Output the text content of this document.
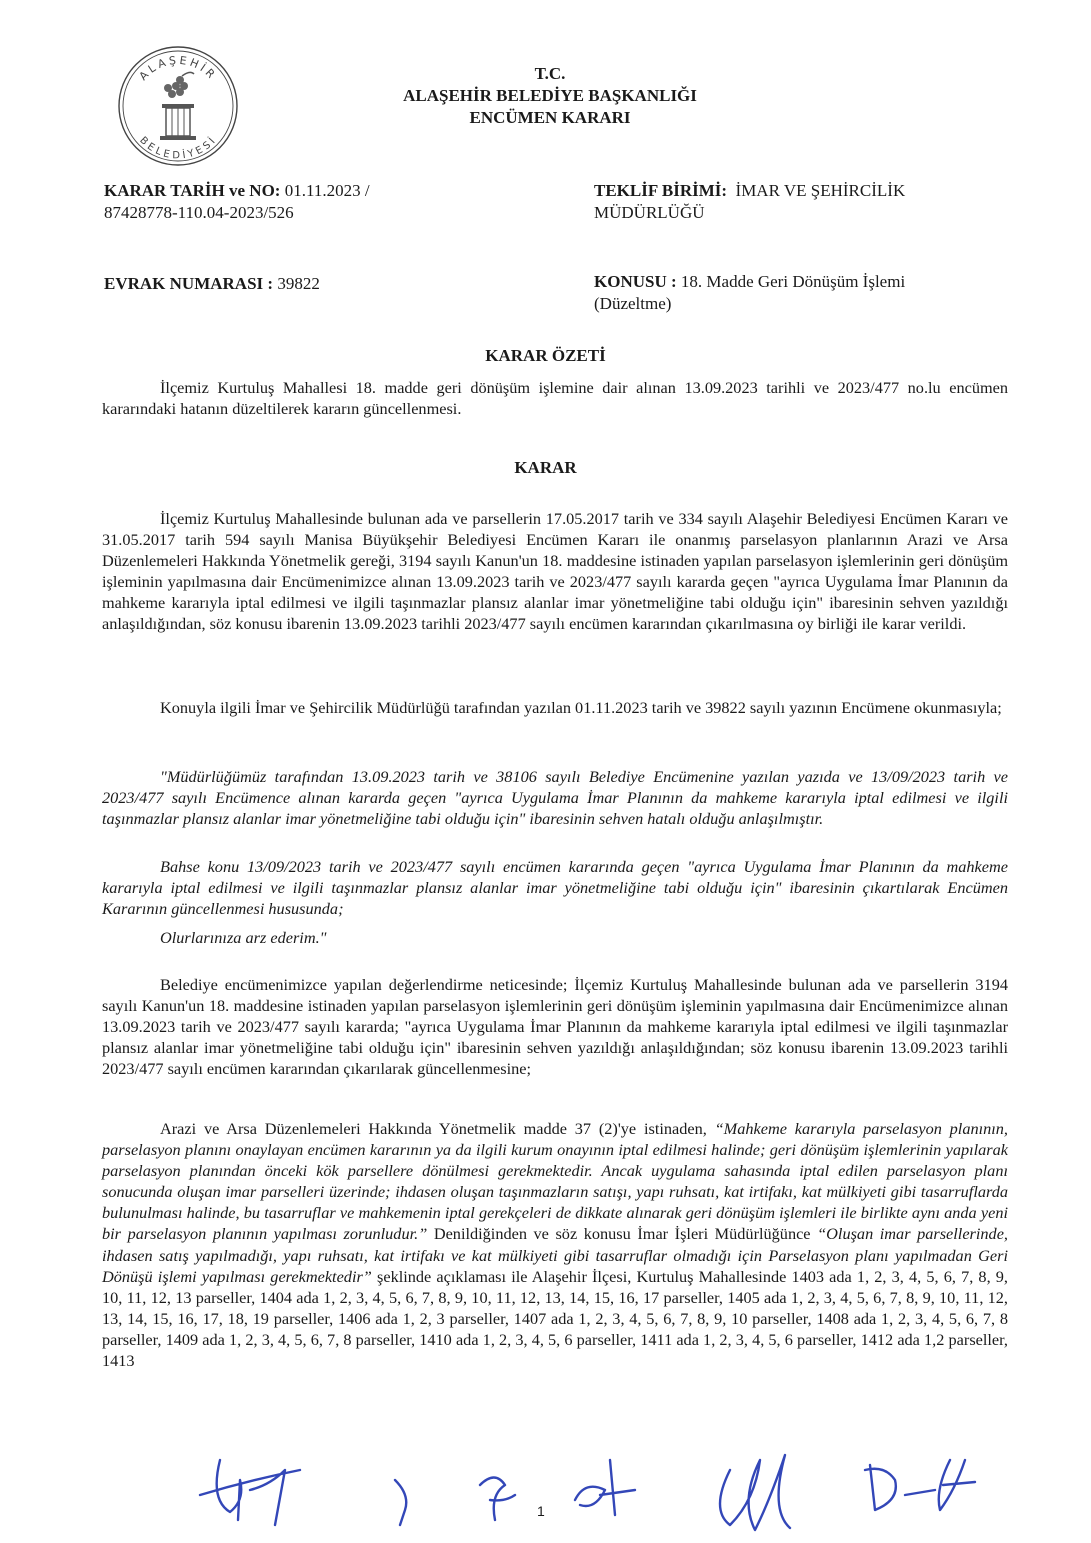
ALAŞEHİR
BELEDİYESİ
T.C.
ALAŞEHİR BELEDİYE BAŞKANLIĞI
ENCÜMEN KARARI
KARAR TARİH ve NO: 01.11.2023 /
87428778-110.04-2023/526
TEKLİF BİRİMİ: İMAR VE ŞEHİRCİLİK
MÜDÜRLÜĞÜ
EVRAK NUMARASI : 39822	KONUSU : 18. Madde Geri Dönüşüm İşlemi
(Düzeltme)
KARAR ÖZETİ

İlçemiz Kurtuluş Mahallesi 18. madde geri dönüşüm işlemine dair alınan 13.09.2023 tarihli ve 2023/477 no.lu encümen kararındaki hatanın düzeltilerek kararın güncellenmesi.

KARAR

İlçemiz Kurtuluş Mahallesinde bulunan ada ve parsellerin 17.05.2017 tarih ve 334 sayılı Alaşehir Belediyesi Encümen Kararı ve 31.05.2017 tarih 594 sayılı Manisa Büyükşehir Belediyesi Encümen Kararı ile onanmış parselasyon planlarının Arazi ve Arsa Düzenlemeleri Hakkında Yönetmelik gereği, 3194 sayılı Kanun'un 18. maddesine istinaden yapılan parselasyon işlemlerinin geri dönüşüm işleminin yapılmasına dair Encümenimizce alınan 13.09.2023 tarih ve 2023/477 sayılı kararda geçen "ayrıca Uygulama İmar Planının da mahkeme kararıyla iptal edilmesi ve ilgili taşınmazlar plansız alanlar imar yönetmeliğine tabi olduğu için" ibaresinin sehven yazıldığı anlaşıldığından, söz konusu ibarenin 13.09.2023 tarihli 2023/477 sayılı encümen kararından çıkarılmasına oy birliği ile karar verildi.

Konuyla ilgili İmar ve Şehircilik Müdürlüğü tarafından yazılan 01.11.2023 tarih ve 39822 sayılı yazının Encümene okunmasıyla;

"Müdürlüğümüz tarafından 13.09.2023 tarih ve 38106 sayılı Belediye Encümenine yazılan yazıda ve 13/09/2023 tarih ve 2023/477 sayılı Encümence alınan kararda geçen "ayrıca Uygulama İmar Planının da mahkeme kararıyla iptal edilmesi ve ilgili taşınmazlar plansız alanlar imar yönetmeliğine tabi olduğu için" ibaresinin sehven hatalı olduğu anlaşılmıştır.

Bahse konu 13/09/2023 tarih ve 2023/477 sayılı encümen kararında geçen "ayrıca Uygulama İmar Planının da mahkeme kararıyla iptal edilmesi ve ilgili taşınmazlar plansız alanlar imar yönetmeliğine tabi olduğu için" ibaresinin çıkartılarak Encümen Kararının güncellenmesi hususunda;

Olurlarınıza arz ederim."

Belediye encümenimizce yapılan değerlendirme neticesinde; İlçemiz Kurtuluş Mahallesinde bulunan ada ve parsellerin 3194 sayılı Kanun'un 18. maddesine istinaden yapılan parselasyon işlemlerinin geri dönüşüm işleminin yapılmasına dair Encümenimizce alınan 13.09.2023 tarih ve 2023/477 sayılı kararda; "ayrıca Uygulama İmar Planının da mahkeme kararıyla iptal edilmesi ve ilgili taşınmazlar plansız alanlar imar yönetmeliğine tabi olduğu için" ibaresinin sehven yazıldığı anlaşıldığından; söz konusu ibarenin 13.09.2023 tarihli 2023/477 sayılı encümen kararından çıkarılarak güncellenmesine;

Arazi ve Arsa Düzenlemeleri Hakkında Yönetmelik madde 37 (2)'ye istinaden, “Mahkeme kararıyla parselasyon planının, parselasyon planını onaylayan encümen kararının ya da ilgili kurum onayının iptal edilmesi halinde; geri dönüşüm işlemlerinin yapılarak parselasyon planından önceki kök parsellere dönülmesi gerekmektedir. Ancak uygulama sahasında iptal edilen parselasyon planı sonucunda oluşan imar parselleri üzerinde; ihdasen oluşan taşınmazların satışı, yapı ruhsatı, kat irtifakı, kat mülkiyeti gibi tasarruflarda bulunulması halinde, bu tasarruflar ve mahkemenin iptal gerekçeleri de dikkate alınarak geri dönüşüm işlemleri ile birlikte aynı anda yeni bir parselasyon planının yapılması zorunludur.” Denildiğinden ve söz konusu İmar İşleri Müdürlüğünce “Oluşan imar parsellerinde, ihdasen satış yapılmadığı, yapı ruhsatı, kat irtifakı ve kat mülkiyeti gibi tasarruflar olmadığı için Parselasyon planı yapılmadan Geri Dönüşü işlemi yapılması gerekmektedir” şeklinde açıklaması ile Alaşehir İlçesi, Kurtuluş Mahallesinde 1403 ada 1, 2, 3, 4, 5, 6, 7, 8, 9, 10, 11, 12, 13 parseller, 1404 ada 1, 2, 3, 4, 5, 6, 7, 8, 9, 10, 11, 12, 13, 14, 15, 16, 17 parseller, 1405 ada 1, 2, 3, 4, 5, 6, 7, 8, 9, 10, 11, 12, 13, 14, 15, 16, 17, 18, 19 parseller, 1406 ada 1, 2, 3 parseller, 1407 ada 1, 2, 3, 4, 5, 6, 7, 8, 9, 10 parseller, 1408 ada 1, 2, 3, 4, 5, 6, 7, 8 parseller, 1409 ada 1, 2, 3, 4, 5, 6, 7, 8 parseller, 1410 ada 1, 2, 3, 4, 5, 6 parseller, 1411 ada 1, 2, 3, 4, 5, 6 parseller, 1412 ada 1,2 parseller, 1413

1
